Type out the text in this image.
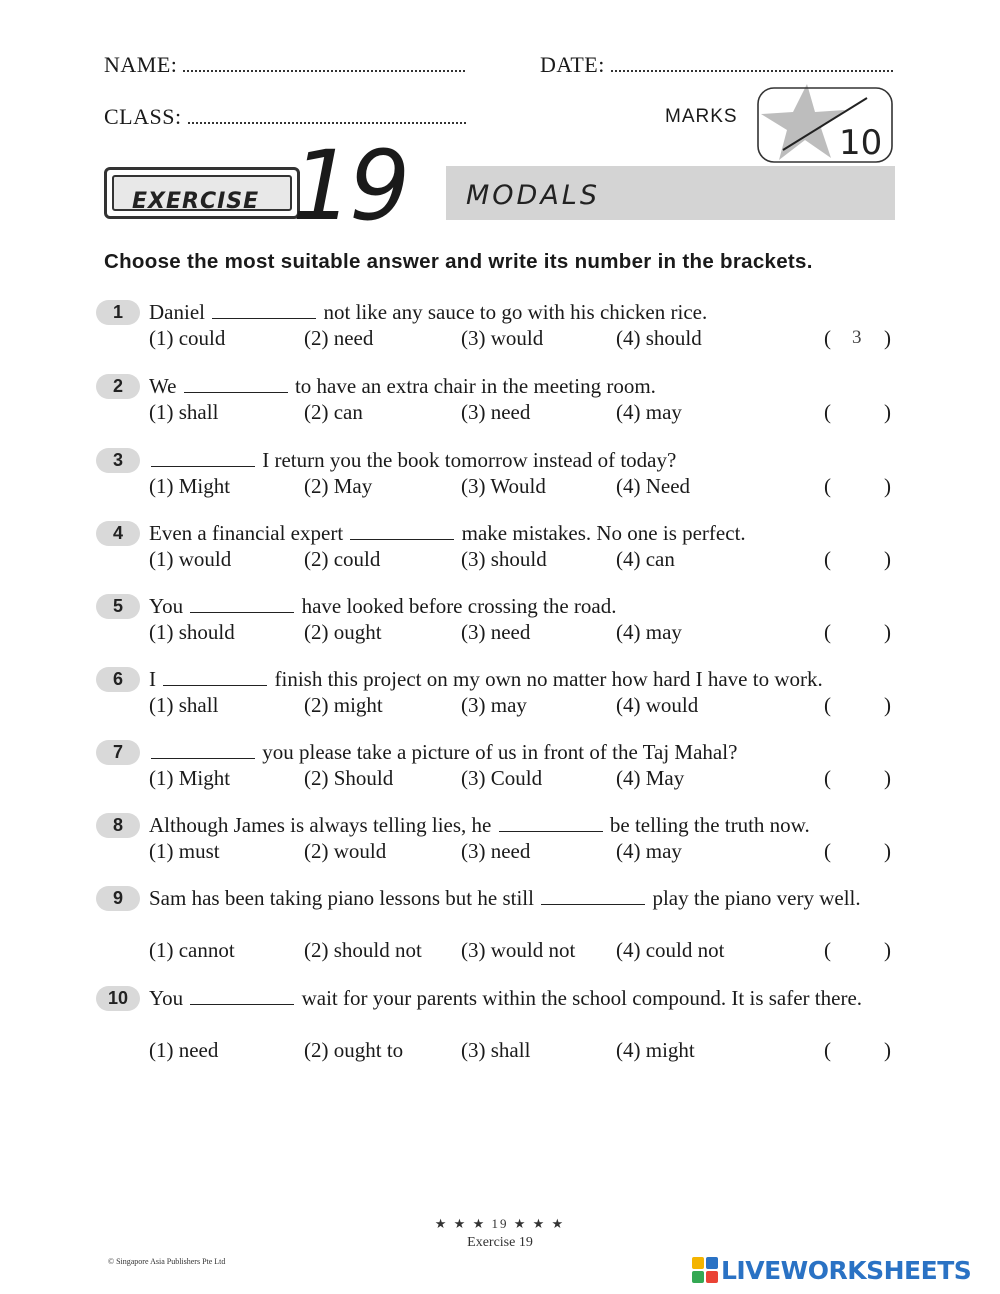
NAME:	DATE:
CLASS:	MARKS
10
EXERCISE 19 MODALS
Choose the most suitable answer and write its number in the brackets.
1	Daniel	not like any sauce to go with his chicken rice.
(1) could	(2) need	(3) would	(4) should	( 3 )
2	We	to have an extra chair in the meeting room.
(1) shall	(2) can	(3) need	(4) may	(	)
3	I return you the book tomorrow instead of today?
(1) Might	(2) May	(3) Would	(4) Need	(	)
4	Even a financial expert	make mistakes. No one is perfect.
(1) would	(2) could	(3) should	(4) can	(	)
5	You	have looked before crossing the road.
(1) should	(2) ought	(3) need	(4) may	(	)
6	I	finish this project on my own no matter how hard I have to work.
(1) shall	(2) might	(3) may	(4) would	(	)
7	you please take a picture of us in front of the Taj Mahal?
(1) Might	(2) Should	(3) Could	(4) May	(	)
8	Although James is always telling lies, he	be telling the truth now.
(1) must	(2) would	(3) need	(4) may	(	)
9	Sam has been taking piano lessons but he still	play the piano very well.
(1) cannot	(2) should not (3) would not (4) could not	(	)
10 You	wait for your parents within the school compound. It is safer there.
(1) need	(2) ought to	(3) shall	(4) might	(	)
★ ★ ★ 19 ★ ★ ★
Exercise 19
© Singapore Asia Publishers Pte Ltd	LIVEWORKSHEETS
